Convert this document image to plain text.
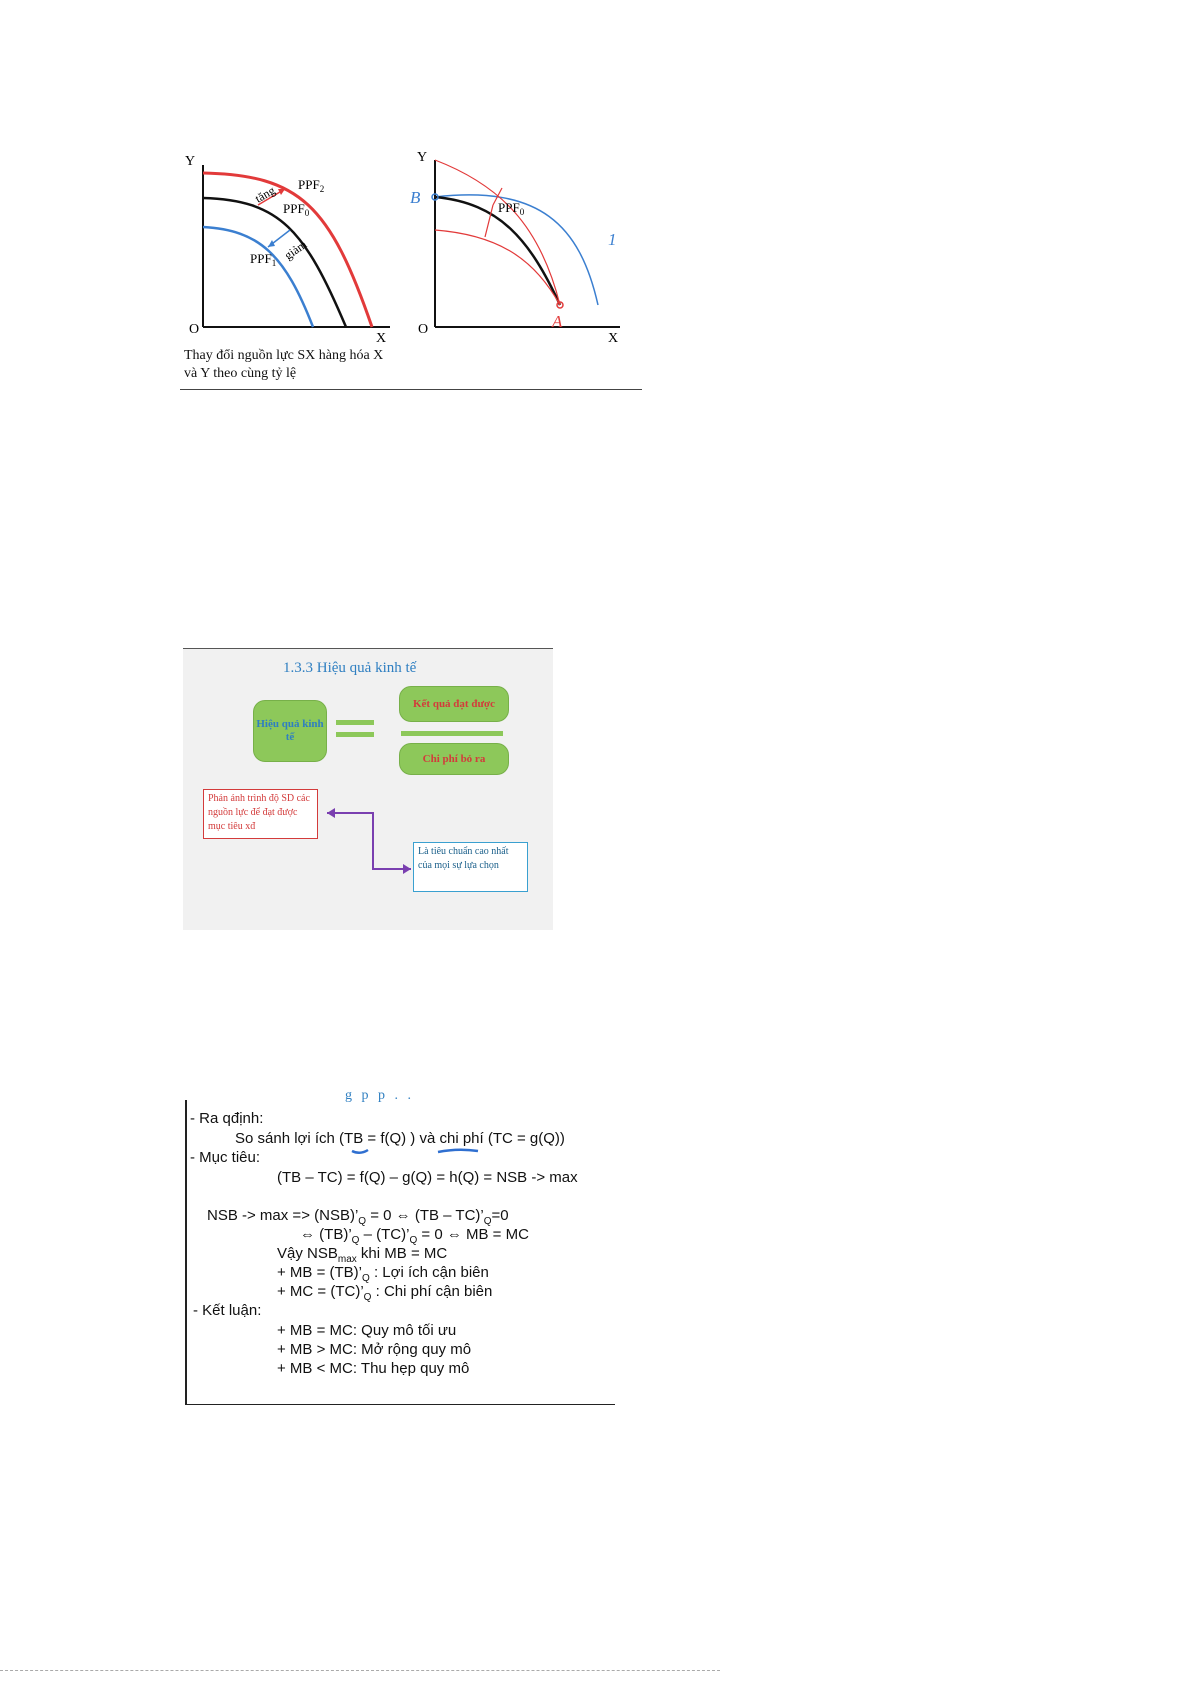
Y
X
O
$PPF_2$
$PPF_0$
$PPF_1$
tăng
giảm
Y
X
O
$PPF_0$
B
A
1
Thay đổi nguồn lực SX hàng hóa X
và Y theo cùng tỷ lệ
1.3.3 Hiệu quả kinh tế
Hiệu quả kinh tế
Kết quả đạt được
Chi phí bỏ ra
Phản ánh trình độ SD các nguồn lực để đạt được mục tiêu xđ
Là tiêu chuẩn cao nhất của mọi sự lựa chọn
g p p . .
- Ra qđịnh:
So sánh lợi ích (TB = f(Q) ) và chi phí (TC = g(Q))
- Mục tiêu:
(TB – TC) = f(Q) – g(Q) = h(Q) = NSB -> max
NSB -> $\max => (NSB)’_Q = 0$ ⇔ $(TB - TC)’_Q=0$
⇔ $(TB)’_Q$ – $(TC)’_Q = 0$ ⇔ MB = MC
Vậy $NSB_{max}$ khi MB = MC
+ MB = $(TB)’_Q$ : Lợi ích cận biên
+ MC = $(TC)’_Q$ : Chi phí cận biên
- Kết luận:
+ MB = MC: Quy mô tối ưu
+ MB > MC: Mở rộng quy mô
+ MB < MC: Thu hẹp quy mô
